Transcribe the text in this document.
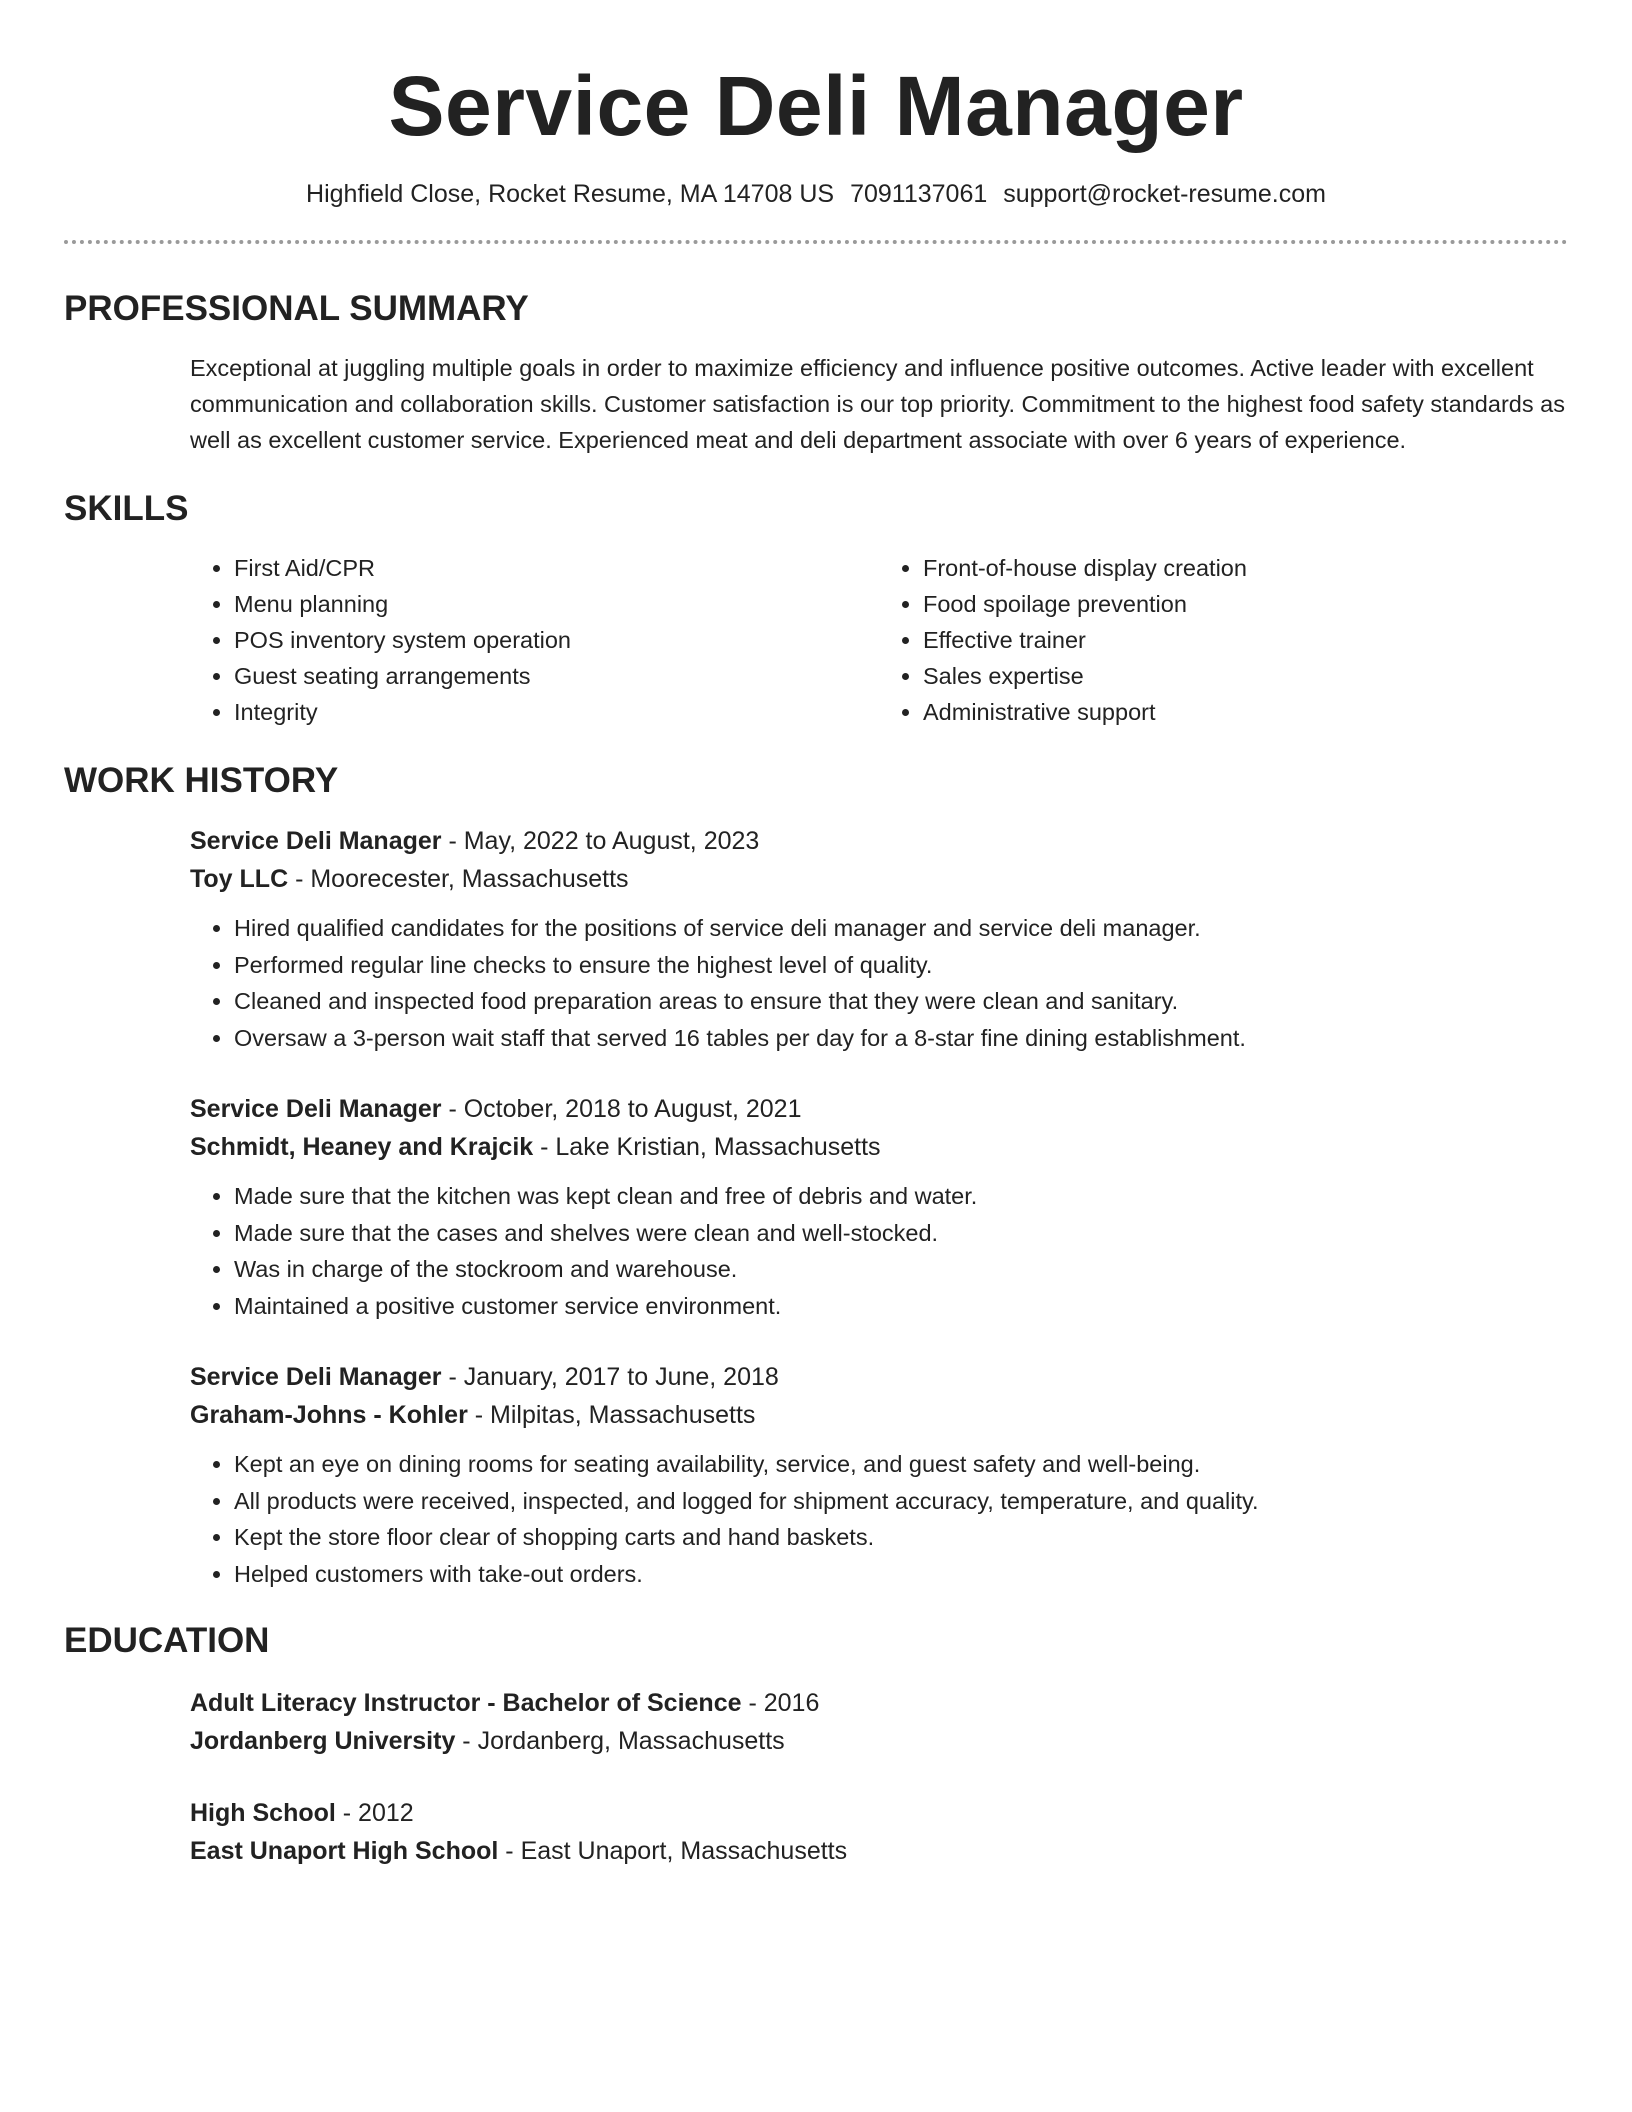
Service Deli Manager
Highfield Close, Rocket Resume, MA 14708 US 7091137061 support@rocket-resume.com
PROFESSIONAL SUMMARY
Exceptional at juggling multiple goals in order to maximize efficiency and influence positive outcomes. Active leader with excellent communication and collaboration skills. Customer satisfaction is our top priority. Commitment to the highest food safety standards as well as excellent customer service. Experienced meat and deli department associate with over 6 years of experience.
SKILLS
• First Aid/CPR
• Menu planning
• POS inventory system operation
• Guest seating arrangements
• Integrity
• Front-of-house display creation
• Food spoilage prevention
• Effective trainer
• Sales expertise
• Administrative support
WORK HISTORY
Service Deli Manager - May, 2022 to August, 2023
Toy LLC - Moorecester, Massachusetts
• Hired qualified candidates for the positions of service deli manager and service deli manager.
• Performed regular line checks to ensure the highest level of quality.
• Cleaned and inspected food preparation areas to ensure that they were clean and sanitary.
• Oversaw a 3-person wait staff that served 16 tables per day for a 8-star fine dining establishment.
Service Deli Manager - October, 2018 to August, 2021
Schmidt, Heaney and Krajcik - Lake Kristian, Massachusetts
• Made sure that the kitchen was kept clean and free of debris and water.
• Made sure that the cases and shelves were clean and well-stocked.
• Was in charge of the stockroom and warehouse.
• Maintained a positive customer service environment.
Service Deli Manager - January, 2017 to June, 2018
Graham-Johns - Kohler - Milpitas, Massachusetts
• Kept an eye on dining rooms for seating availability, service, and guest safety and well-being.
• All products were received, inspected, and logged for shipment accuracy, temperature, and quality.
• Kept the store floor clear of shopping carts and hand baskets.
• Helped customers with take-out orders.
EDUCATION
Adult Literacy Instructor - Bachelor of Science - 2016
Jordanberg University - Jordanberg, Massachusetts
High School - 2012
East Unaport High School - East Unaport, Massachusetts
